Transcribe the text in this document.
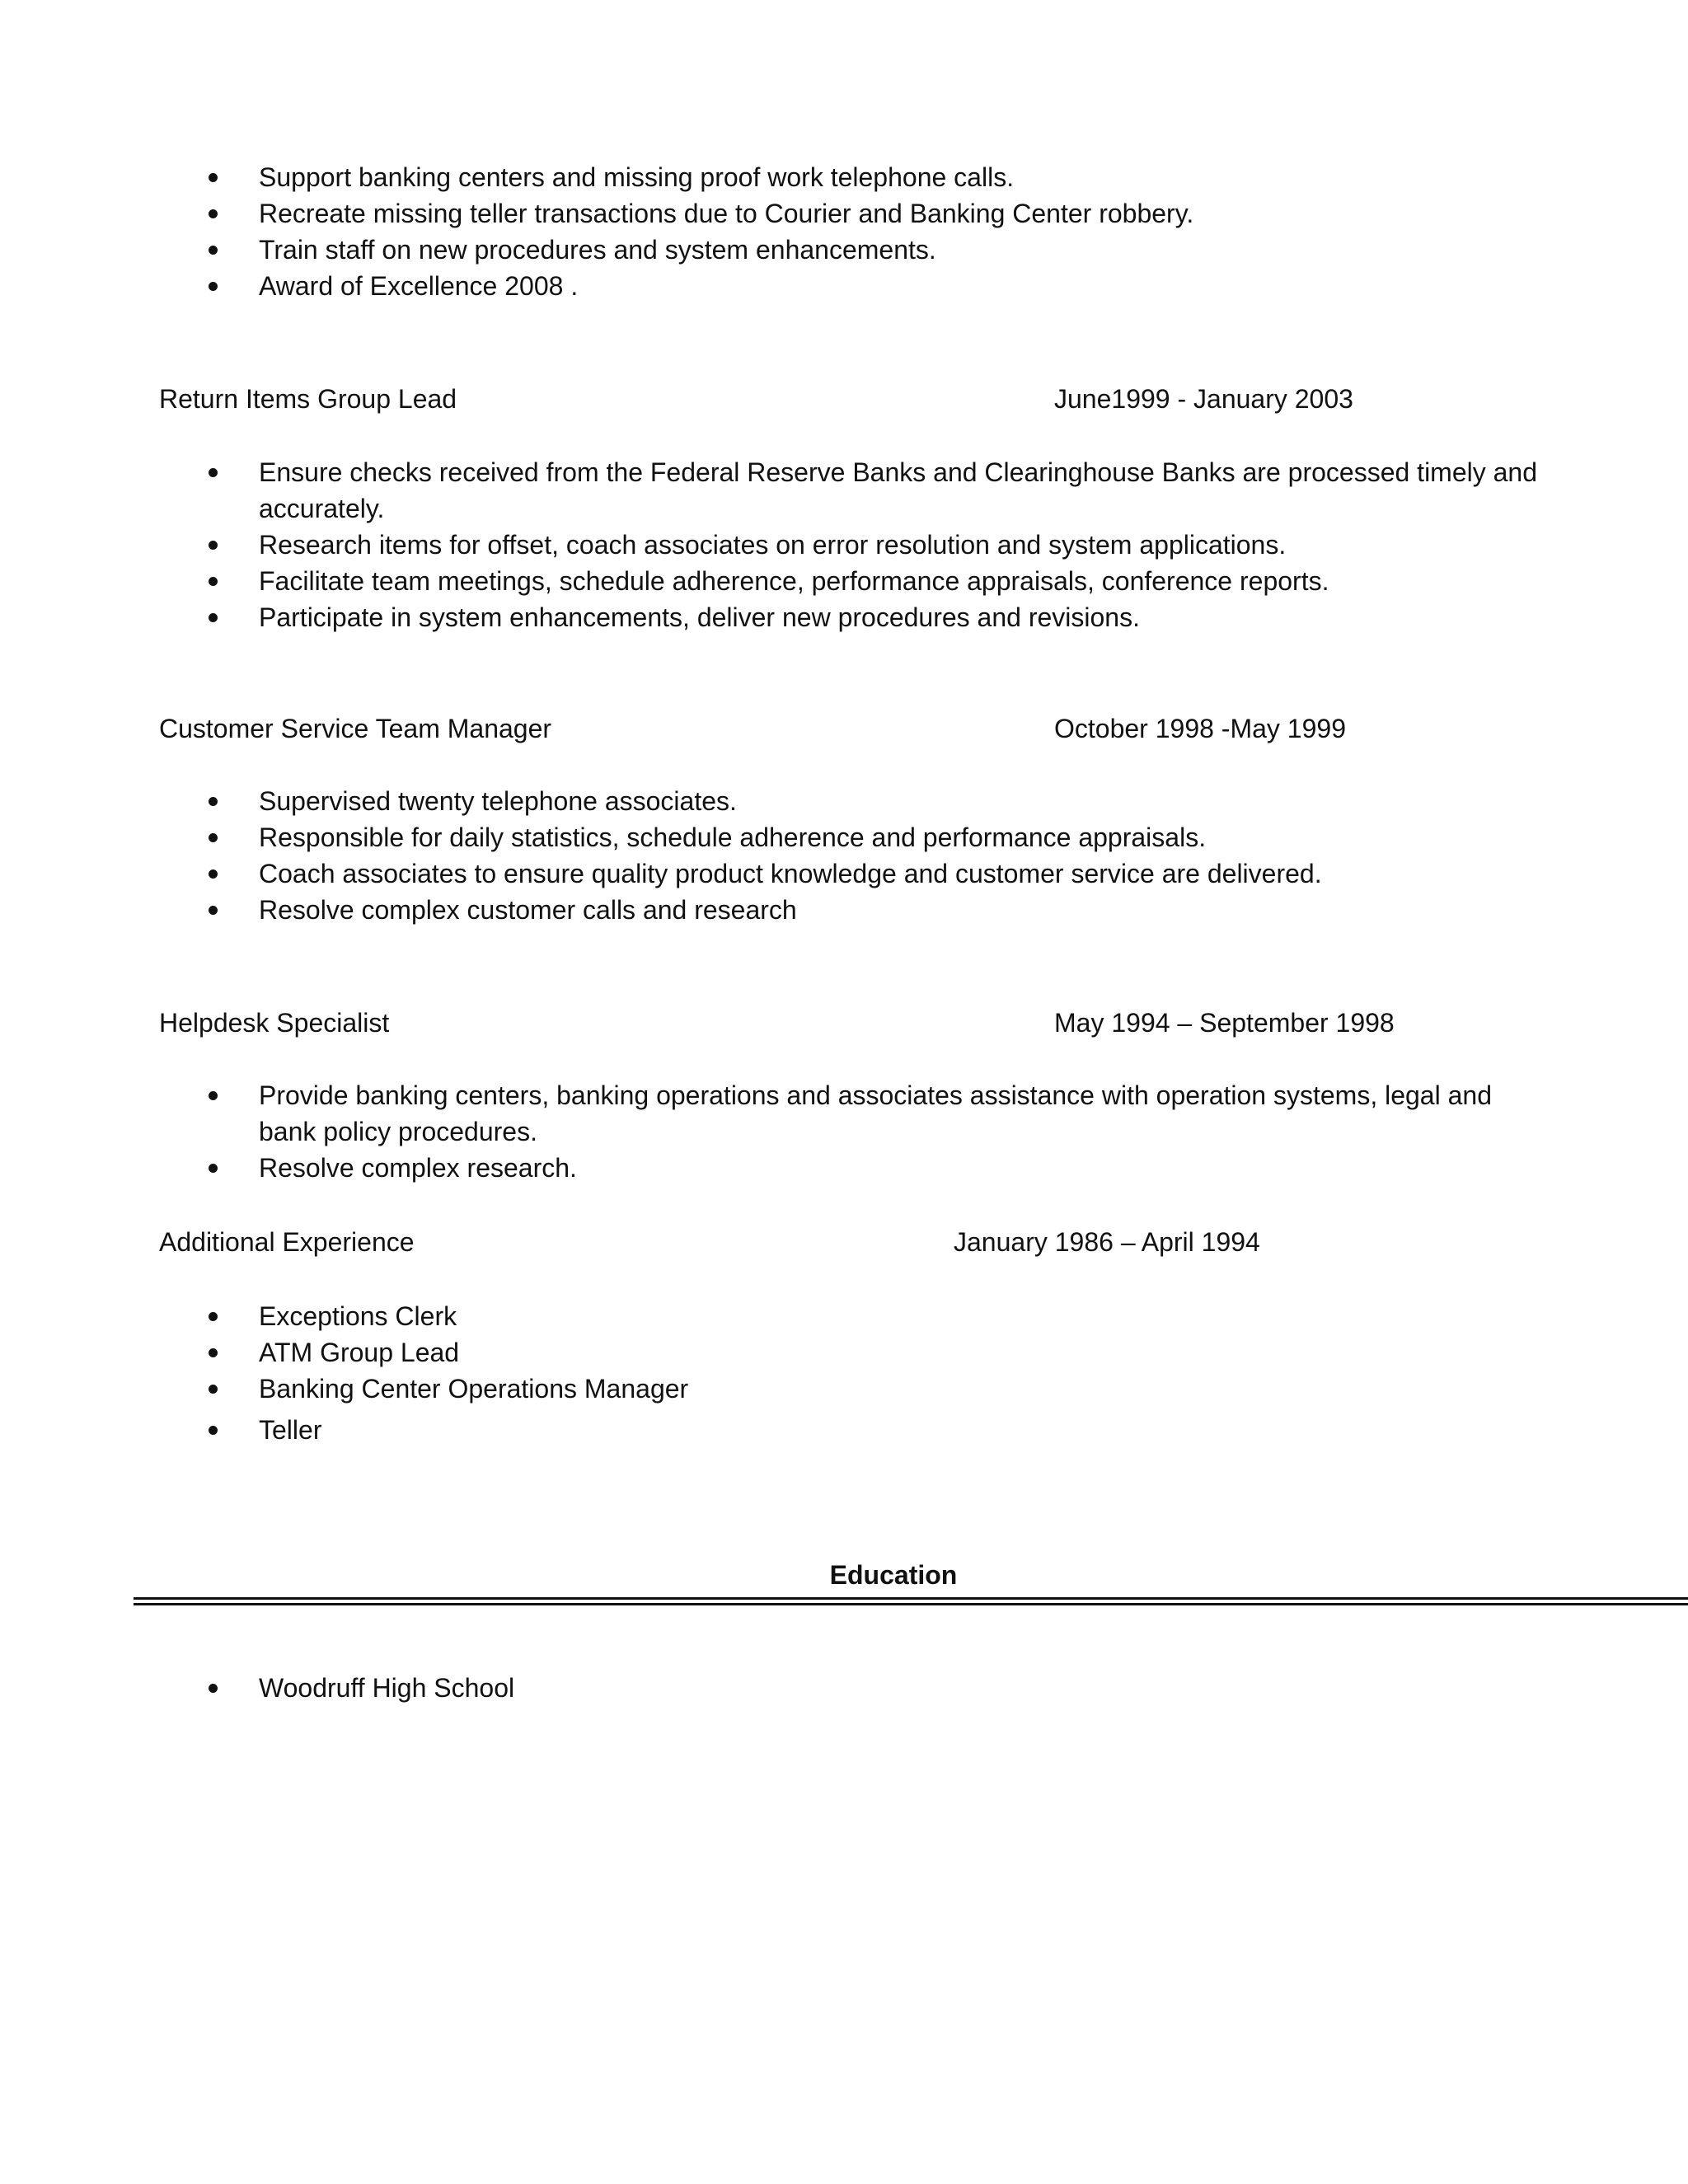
Support banking centers and missing proof work telephone calls.
Recreate missing teller transactions due to Courier and Banking Center robbery.
Train staff on new procedures and system enhancements.
Award of Excellence 2008 .
Return Items Group Lead	June1999 - January 2003
Ensure checks received from the Federal Reserve Banks and Clearinghouse Banks are processed timely and accurately.
Research items for offset, coach associates on error resolution and system applications.
Facilitate team meetings, schedule adherence, performance appraisals, conference reports.
Participate in system enhancements, deliver new procedures and revisions.
Customer Service Team Manager	October 1998 -May 1999
Supervised twenty telephone associates.
Responsible for daily statistics, schedule adherence and performance appraisals.
Coach associates to ensure quality product knowledge and customer service are delivered.
Resolve complex customer calls and research
Helpdesk Specialist	May 1994 – September 1998
Provide banking centers, banking operations and associates assistance with operation systems, legal and bank policy procedures.
Resolve complex research.
Additional Experience	January 1986 – April 1994
Exceptions Clerk
ATM Group Lead
Banking Center Operations Manager
Teller
Education
Woodruff High School
